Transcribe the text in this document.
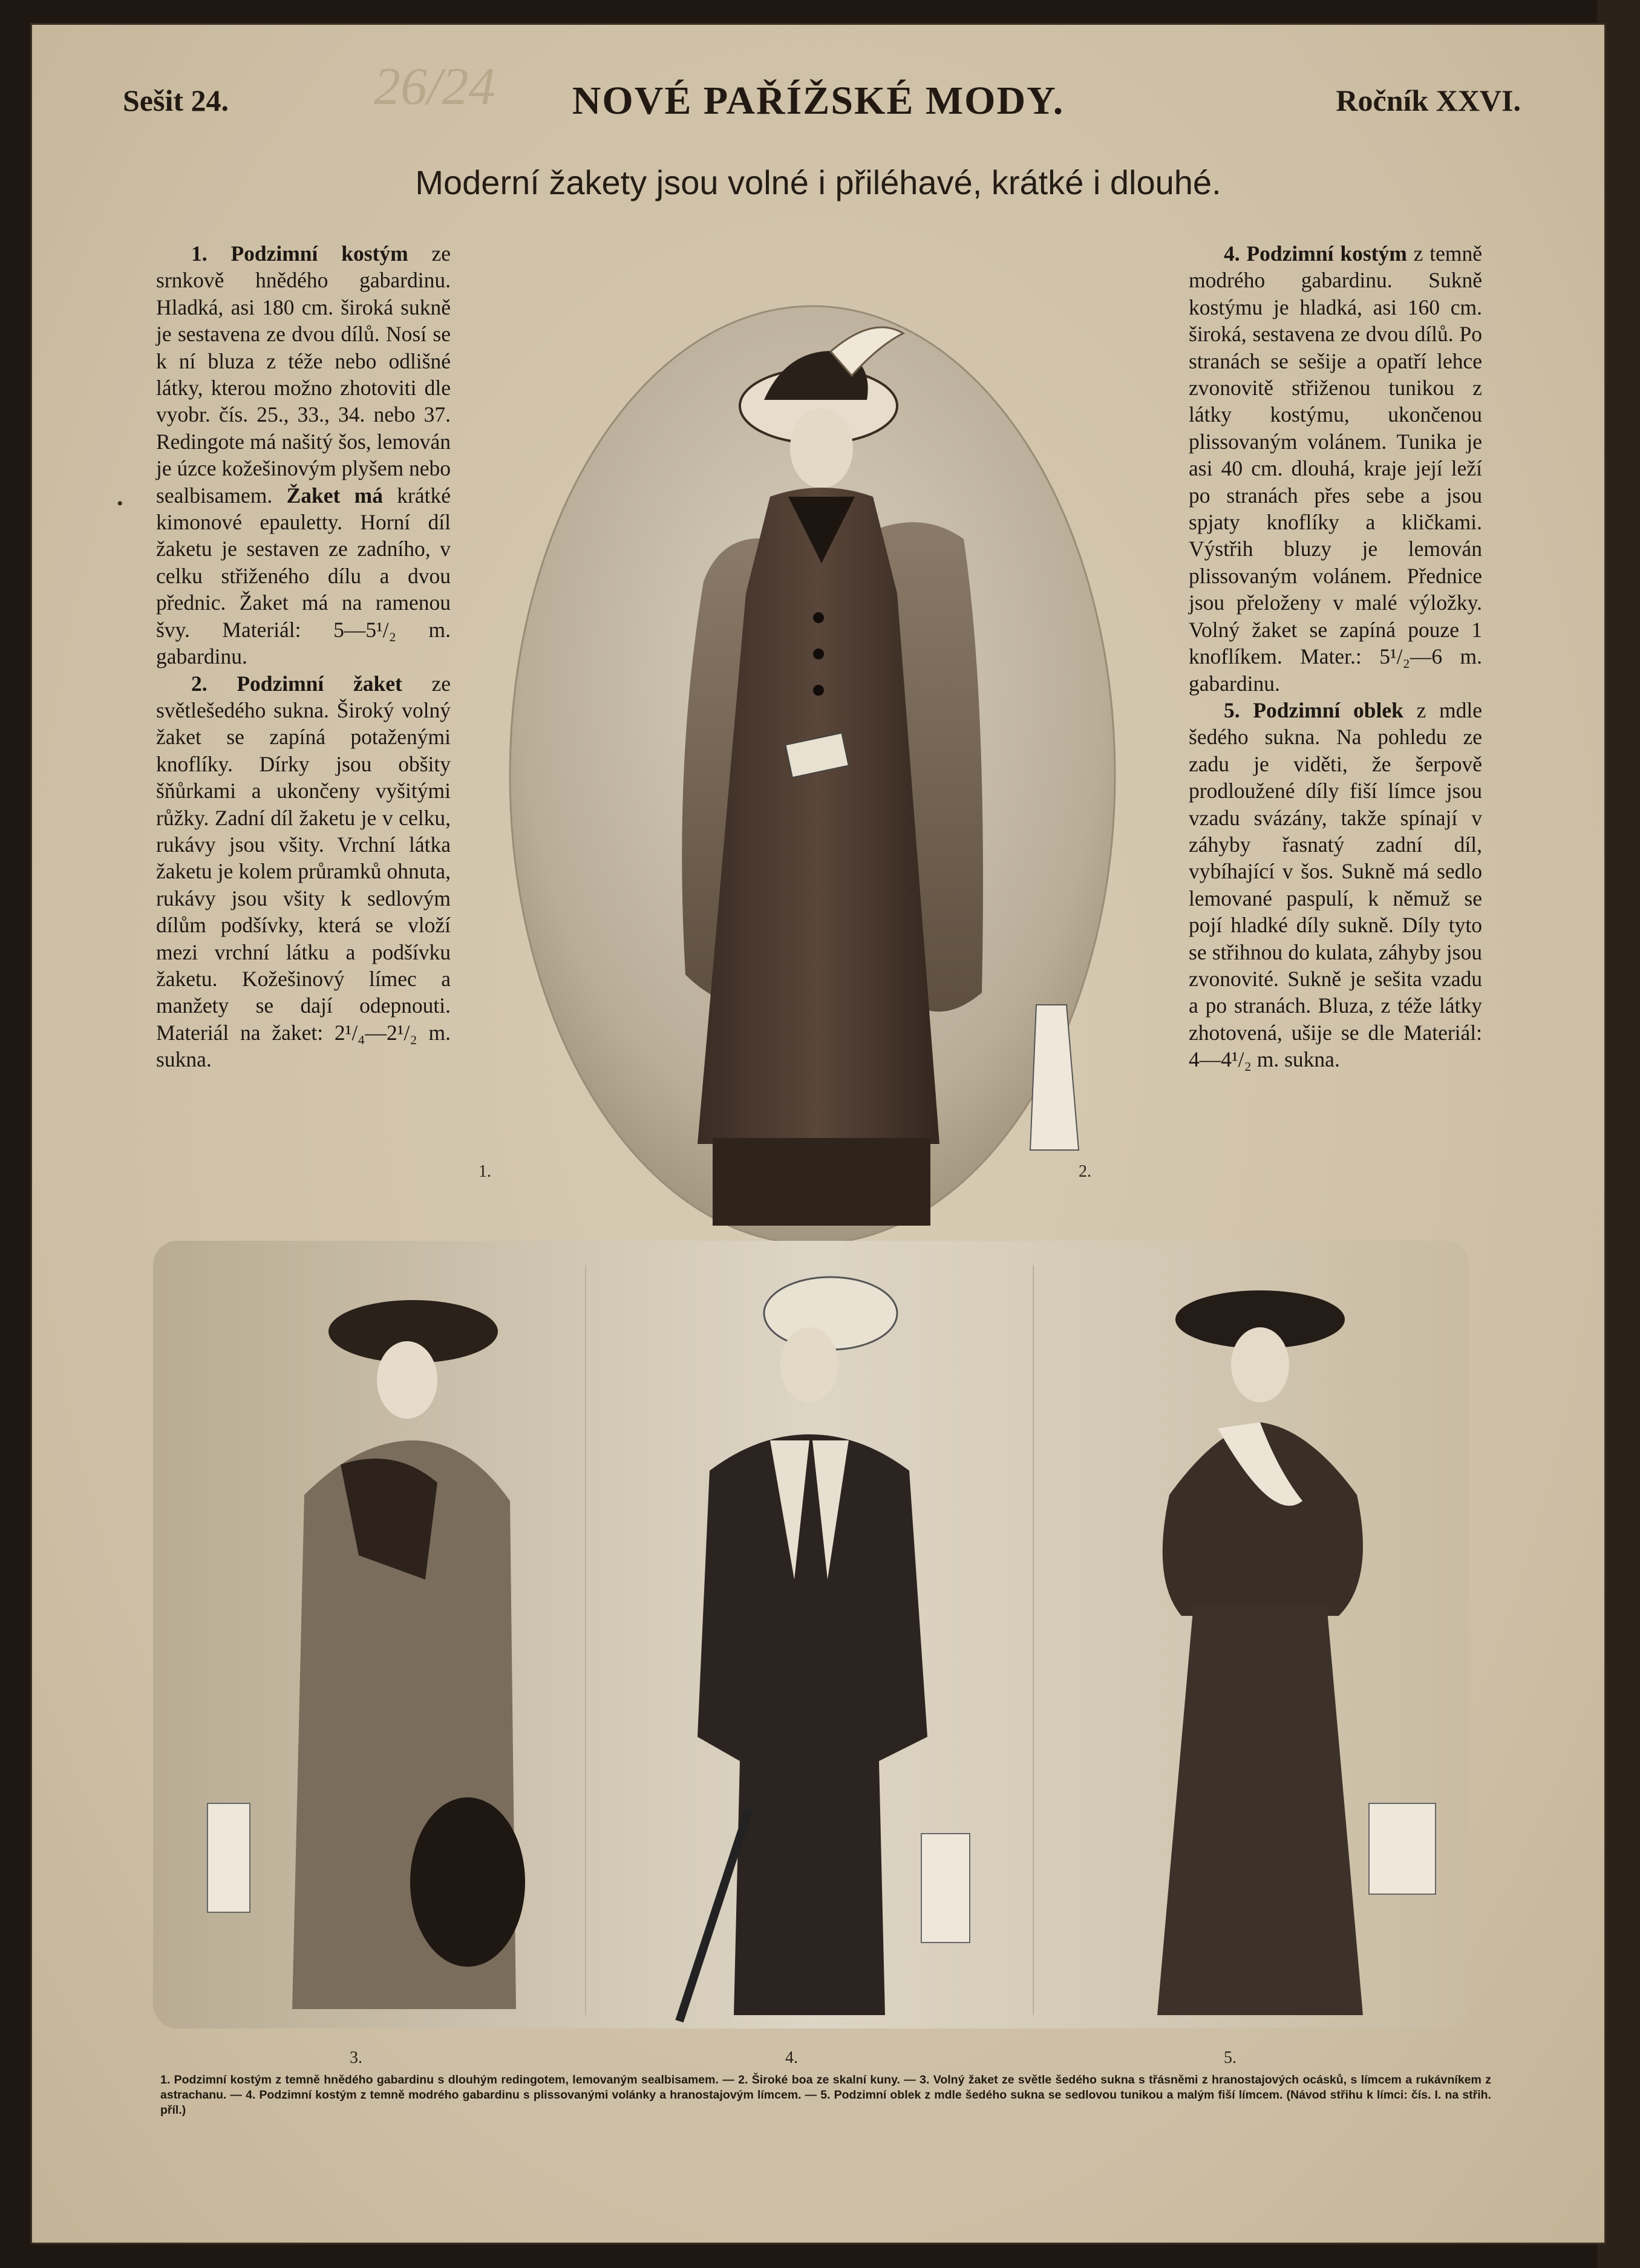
26/24
Sešit 24.	NOVÉ PAŘÍŽSKÉ MODY.	Ročník XXVI.
Moderní žakety jsou volné i přiléhavé, krátké i dlouhé.
•

1. Podzimní kostým ze srnkově hnědého gabardinu. Hladká, asi 180 cm. široká sukně je sestavena ze dvou dílů. Nosí se k ní bluza z téže nebo odlišné látky, kterou možno zhotoviti dle vyobr. čís. 25., 33., 34. nebo 37. Redingote má našitý šos, lemován je úzce kožešinovým plyšem nebo sealbisamem. Žaket má krátké kimonové epauletty. Horní díl žaketu je sestaven ze zadního, v celku střiženého dílu a dvou přednic. Žaket má na ramenou švy. Materiál: 5—5¹/₂ m. gabardinu.

2. Podzimní žaket ze světlešedého sukna. Široký volný žaket se zapíná potaženými knoflíky. Dírky jsou obšity šňůrkami a ukončeny vyšitými růžky. Zadní díl žaketu je v celku, rukávy jsou všity. Vrchní látka žaketu je kolem průramků ohnuta, rukávy jsou všity k sedlovým dílům podšívky, která se vloží mezi vrchní látku a podšívku žaketu. Kožešinový límec a manžety se dají odepnouti. Materiál na žaket: 2¹/₄—2¹/₂ m. sukna.

4. Podzimní kostým z temně modrého gabardinu. Sukně kostýmu je hladká, asi 160 cm. široká, sestavena ze dvou dílů. Po stranách se sešije a opatří lehce zvonovitě střiženou tunikou z látky kostýmu, ukončenou plissovaným volánem. Tunika je asi 40 cm. dlouhá, kraje její leží po stranách přes sebe a jsou spjaty knoflíky a kličkami. Výstřih bluzy je lemován plissovaným volánem. Přednice jsou přeloženy v malé výložky. Volný žaket se zapíná pouze 1 knoflíkem. Mater.: 5¹/₂—6 m. gabardinu.

5. Podzimní oblek z mdle šedého sukna. Na pohledu ze zadu je viděti, že šerpově prodloužené díly fiší límce jsou vzadu svázány, takže spínají v záhyby řasnatý zadní díl, vybíhající v šos. Sukně má sedlo lemované paspulí, k němuž se pojí hladké díly sukně. Díly tyto se střihnou do kulata, záhyby jsou zvonovité. Sukně je sešita vzadu a po stranách. Bluza, z téže látky zhotovená, ušije se dle Materiál: 4—4¹/₂ m. sukna.

1.	2.
3.	4.	5.
1. Podzimní kostým z temně hnědého gabardinu s dlouhým redingotem, lemovaným sealbisamem. — 2. Široké boa ze skalní kuny. — 3. Volný žaket ze světle šedého sukna s třásněmi z hranostajových ocásků, s límcem a rukávníkem z astrachanu. — 4. Podzimní kostým z temně modrého gabardinu s plissovanými volánky a hranostajovým límcem. — 5. Podzimní oblek z mdle šedého sukna se sedlovou tunikou a malým fiší límcem. (Návod střihu k límci: čís. I. na střih. příl.)
